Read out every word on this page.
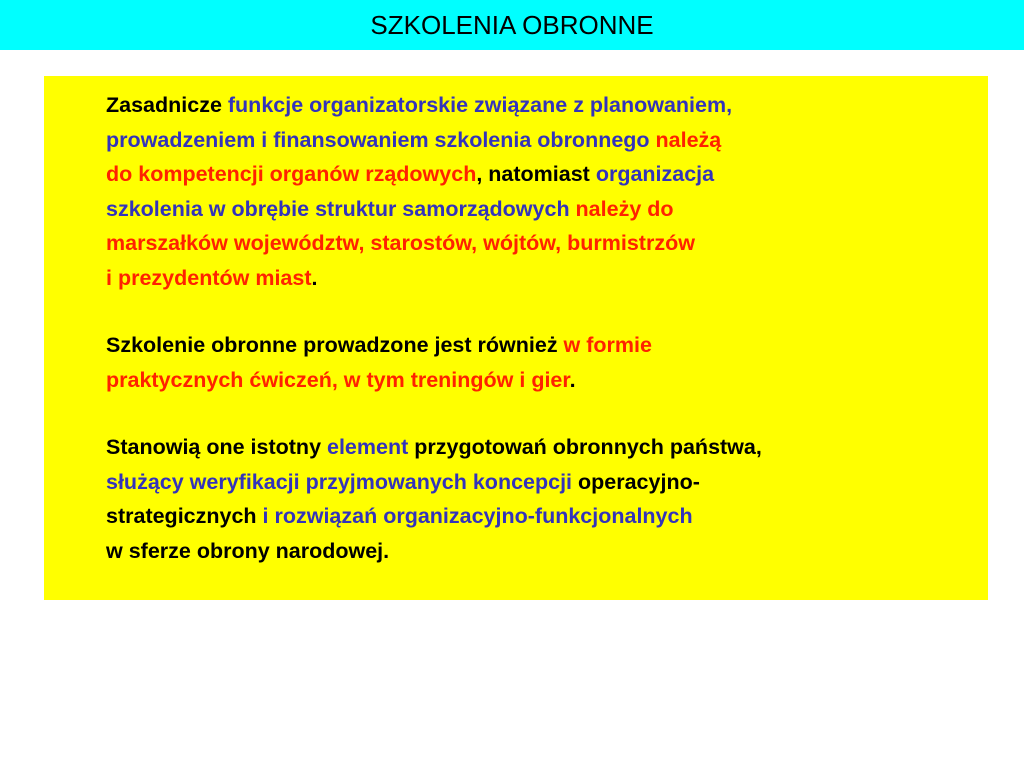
SZKOLENIA OBRONNE

Zasadnicze funkcje organizatorskie związane z planowaniem,
prowadzeniem i finansowaniem szkolenia obronnego należą
do kompetencji organów rządowych, natomiast organizacja
szkolenia w obrębie struktur samorządowych należy do
marszałków województw, starostów, wójtów, burmistrzów
i prezydentów miast.

Szkolenie obronne prowadzone jest również w formie
praktycznych ćwiczeń, w tym treningów i gier.

Stanowią one istotny element przygotowań obronnych państwa,
służący weryfikacji przyjmowanych koncepcji operacyjno-
strategicznych i rozwiązań organizacyjno-funkcjonalnych
w sferze obrony narodowej.
